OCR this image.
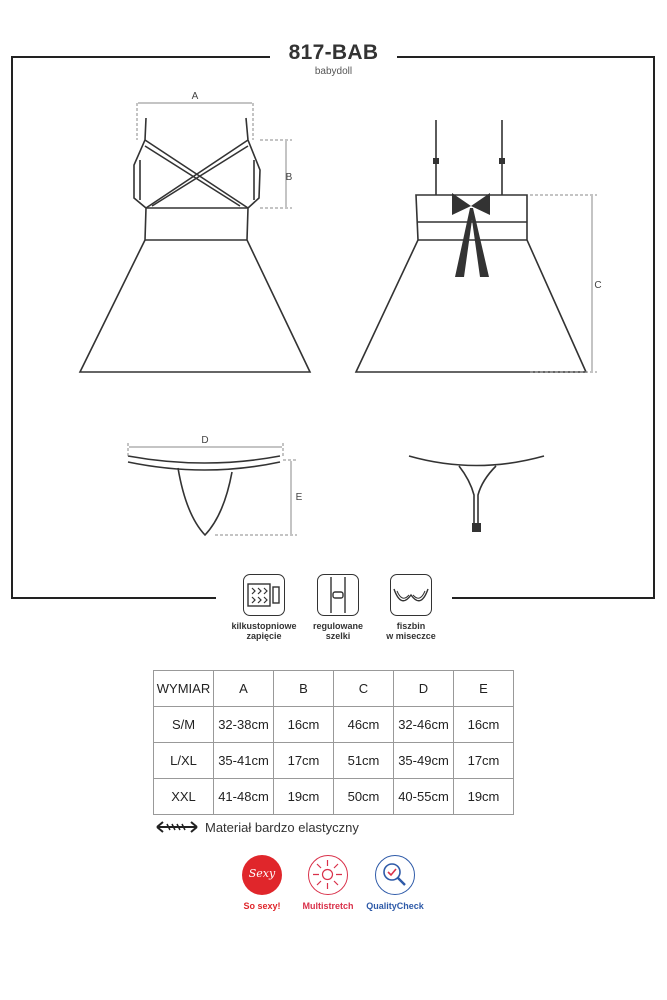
817-BAB
babydoll
A
B
C
D
E
kilkustopniowe
zapięcie
regulowane
szelki
fiszbin
w miseczce
WYMIAR	A	B	C	D	E
S/M	32-38cm	16cm	46cm	32-46cm	16cm
L/XL	35-41cm	17cm	51cm	35-49cm	17cm
XXL	41-48cm	19cm	50cm	40-55cm	19cm
Materiał bardzo elastyczny
Sexy
So sexy!	Multistretch	QualityCheck
